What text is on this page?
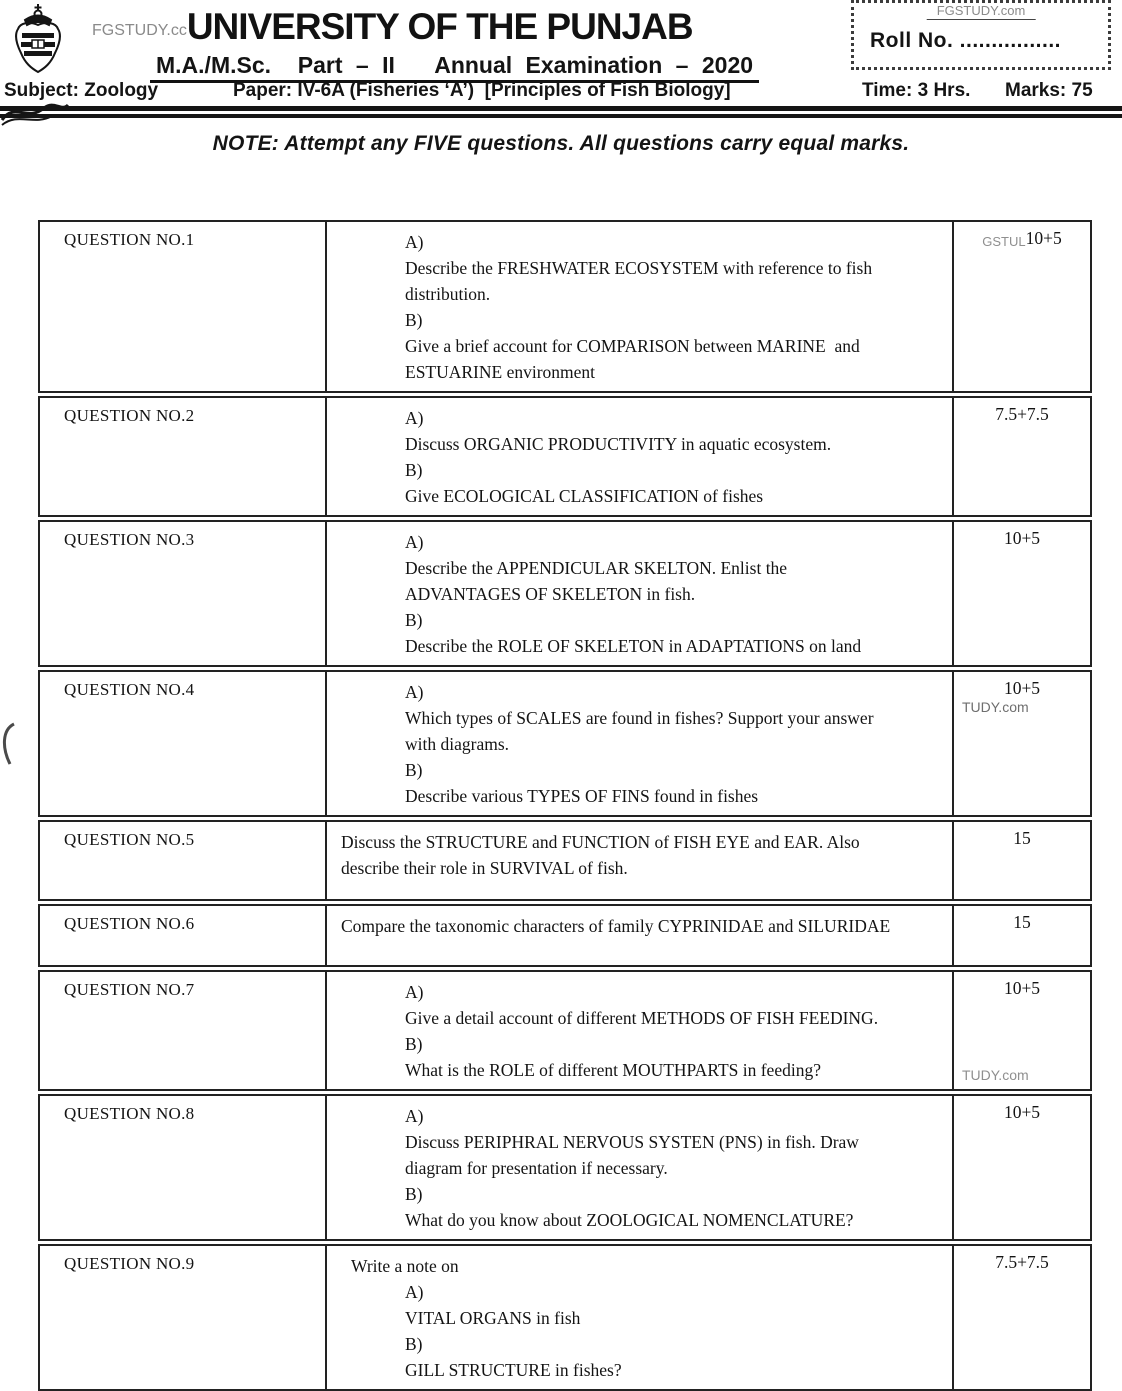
FGSTUDY.cc UNIVERSITY OF THE PUNJAB
M.A./M.Sc.  Part – II   Annual Examination – 2020
FGSTUDY.com
Roll No. ................
Subject: Zoology	Paper: IV-6A (Fisheries ‘A’)  [Principles of Fish Biology]	Time: 3 Hrs. Marks: 75
NOTE: Attempt any FIVE questions. All questions carry equal marks.
QUESTION NO.1	A)Describe the FRESHWATER ECOSYSTEM with reference to fish distribution.
B)Give a brief account for COMPARISON between MARINE  and ESTUARINE environment
GSTUL10+5
QUESTION NO.2	A)Discuss ORGANIC PRODUCTIVITY in aquatic ecosystem.
B)Give ECOLOGICAL CLASSIFICATION of fishes
7.5+7.5
QUESTION NO.3	A)Describe the APPENDICULAR SKELTON. Enlist the ADVANTAGES OF SKELETON in fish.
B)Describe the ROLE OF SKELETON in ADAPTATIONS on land
10+5
QUESTION NO.4	A)Which types of SCALES are found in fishes? Support your answer with diagrams.
B)Describe various TYPES OF FINS found in fishes
10+5
TUDY.com
QUESTION NO.5	Discuss the STRUCTURE and FUNCTION of FISH EYE and EAR. Also describe their role in SURVIVAL of fish.
15
QUESTION NO.6	Compare the taxonomic characters of family CYPRINIDAE and SILURIDAE	15
QUESTION NO.7	A)Give a detail account of different METHODS OF FISH FEEDING.
B)What is the ROLE of different MOUTHPARTS in feeding?
10+5
TUDY.com
QUESTION NO.8	A)Discuss PERIPHRAL NERVOUS SYSTEN (PNS) in fish. Draw diagram for presentation if necessary.
B)What do you know about ZOOLOGICAL NOMENCLATURE?
10+5
QUESTION NO.9	Write a note on
A)VITAL ORGANS in fish
B)GILL STRUCTURE in fishes?
7.5+7.5
